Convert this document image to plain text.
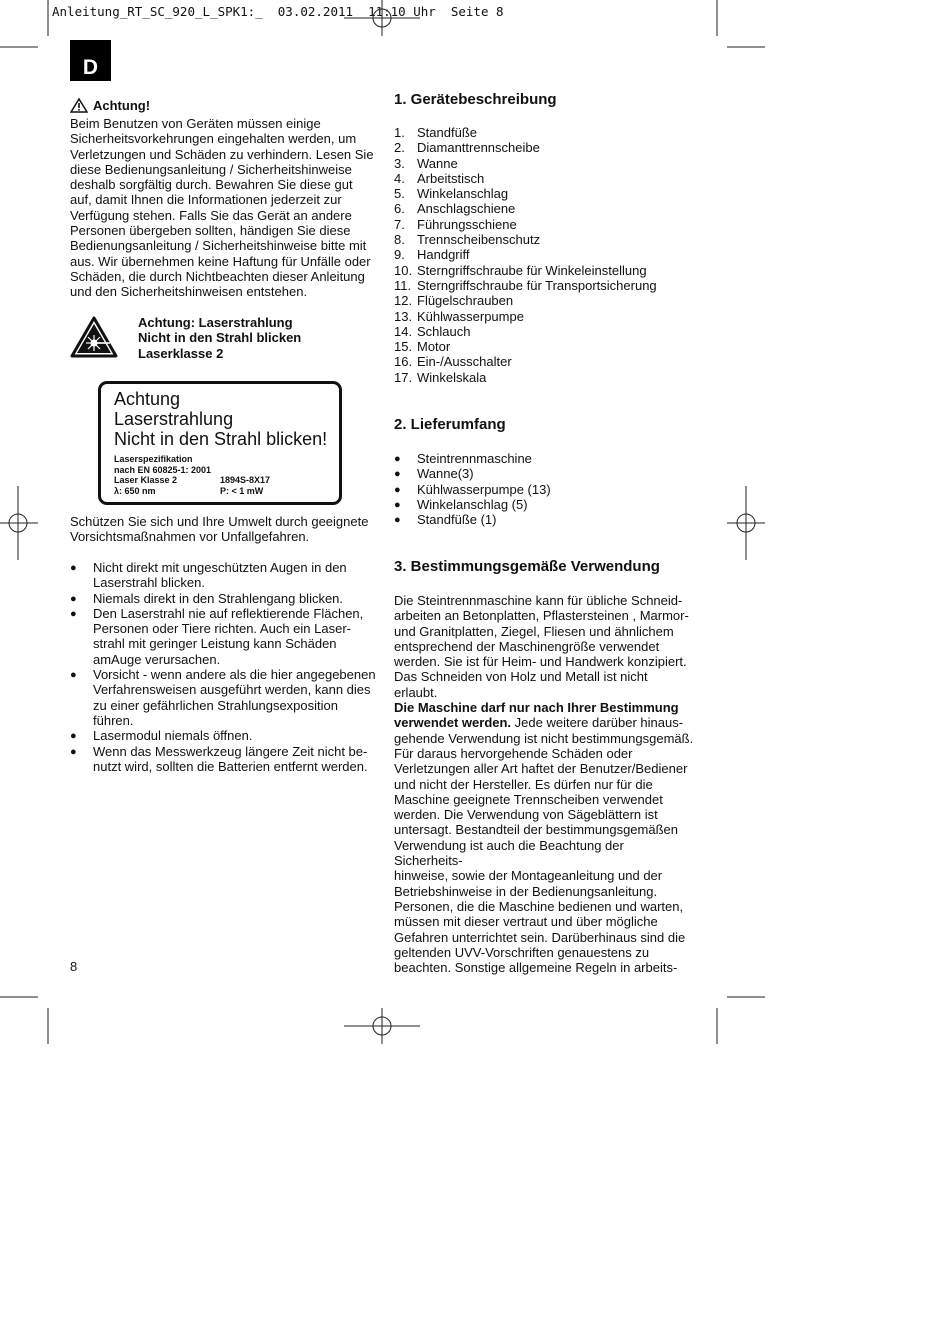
Anleitung_RT_SC_920_L_SPK1:_  03.02.2011  11:10 Uhr  Seite 8
D
Achtung!
Beim Benutzen von Geräten müssen einige
Sicherheitsvorkehrungen eingehalten werden, um
Verletzungen und Schäden zu verhindern. Lesen Sie
diese Bedienungsanleitung / Sicherheitshinweise
deshalb sorgfältig durch. Bewahren Sie diese gut
auf, damit Ihnen die Informationen jederzeit zur
Verfügung stehen. Falls Sie das Gerät an andere
Personen übergeben sollten, händigen Sie diese
Bedienungsanleitung / Sicherheitshinweise bitte mit
aus. Wir übernehmen keine Haftung für Unfälle oder
Schäden, die durch Nichtbeachten dieser Anleitung
und den Sicherheitshinweisen entstehen.
Achtung: Laserstrahlung
Nicht in den Strahl blicken
Laserklasse 2
Achtung
Laserstrahlung
Nicht in den Strahl blicken!
Laserspezifikation
nach EN 60825-1: 2001
Laser Klasse 2	1894S-8X17
λ: 650 nm	P: < 1 mW
Schützen Sie sich und Ihre Umwelt durch geeignete
Vorsichtsmaßnahmen vor Unfallgefahren.
● Nicht direkt mit ungeschützten Augen in den
Laserstrahl blicken.
● Niemals direkt in den Strahlengang blicken.
● Den Laserstrahl nie auf reflektierende Flächen,
Personen oder Tiere richten. Auch ein Laser-
strahl mit geringer Leistung kann Schäden
amAuge verursachen.
● Vorsicht - wenn andere als die hier angegebenen
Verfahrensweisen ausgeführt werden, kann dies
zu einer gefährlichen Strahlungsexposition
führen.
● Lasermodul niemals öffnen.
● Wenn das Messwerkzeug längere Zeit nicht be-
nutzt wird, sollten die Batterien entfernt werden.
1. Gerätebeschreibung
1. Standfüße
2. Diamanttrennscheibe
3. Wanne
4. Arbeitstisch
5. Winkelanschlag
6. Anschlagschiene
7. Führungsschiene
8. Trennscheibenschutz
9. Handgriff
10. Sterngriffschraube für Winkeleinstellung
11. Sterngriffschraube für Transportsicherung
12. Flügelschrauben
13. Kühlwasserpumpe
14. Schlauch
15. Motor
16. Ein-/Ausschalter
17. Winkelskala
2. Lieferumfang
● Steintrennmaschine
● Wanne(3)
● Kühlwasserpumpe (13)
● Winkelanschlag (5)
● Standfüße (1)
3. Bestimmungsgemäße Verwendung

Die Steintrennmaschine kann für übliche Schneid-

arbeiten an Betonplatten, Pflastersteinen , Marmor-

und Granitplatten, Ziegel, Fliesen und ähnlichem

entsprechend der Maschinengröße verwendet

werden. Sie ist für Heim- und Handwerk konzipiert.

Das Schneiden von Holz und Metall ist nicht erlaubt.

Die Maschine darf nur nach Ihrer Bestimmung

verwendet werden. Jede weitere darüber hinaus-

gehende Verwendung ist nicht bestimmungsgemäß.

Für daraus hervorgehende Schäden oder

Verletzungen aller Art haftet der Benutzer/Bediener

und nicht der Hersteller. Es dürfen nur für die

Maschine geeignete Trennscheiben verwendet

werden. Die Verwendung von Sägeblättern ist

untersagt. Bestandteil der bestimmungsgemäßen

Verwendung ist auch die Beachtung der Sicherheits-

hinweise, sowie der Montageanleitung und der

Betriebshinweise in der Bedienungsanleitung.

Personen, die die Maschine bedienen und warten,

müssen mit dieser vertraut und über mögliche

Gefahren unterrichtet sein. Darüberhinaus sind die

geltenden UVV-Vorschriften genauestens zu

beachten. Sonstige allgemeine Regeln in arbeits-

8
